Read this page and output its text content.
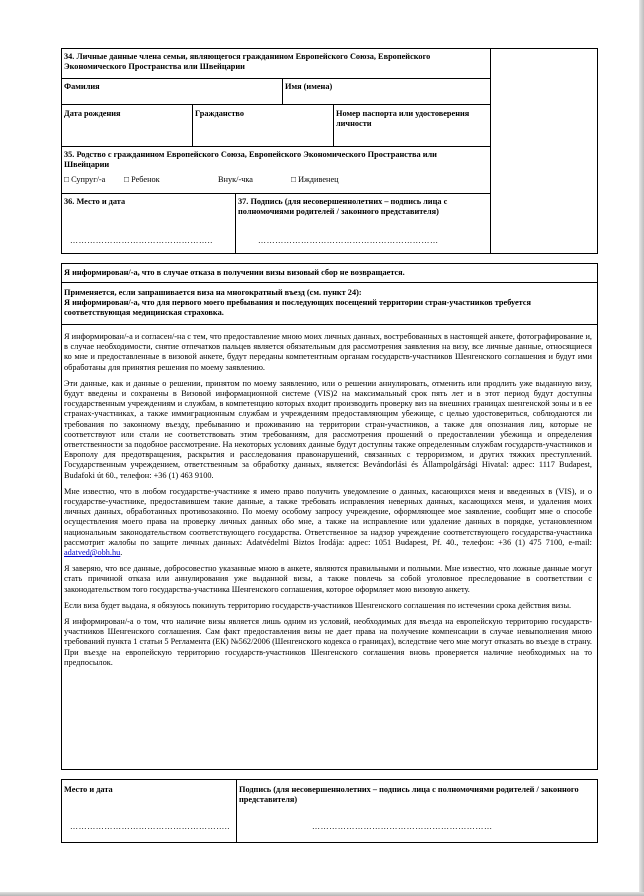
34. Личные данные члена семьи, являющегося гражданином Европейского Союза, Европейского Экономического Пространства или Швейцарии
Фамилия	Имя (имена)
Дата рождения	Гражданство	Номер паспорта или удостоверения личности
35. Родство с гражданином Европейского Союза, Европейского Экономического Пространства или Швейцарии
□ Супруг/-а □ Ребенок	Внук/-чка	□ Иждивенец
36. Место и дата	37. Подпись (для несовершеннолетних – подпись лица с полномочиями родителей / законного представителя)
…………………………………………..	………………………………………………………
Я информирован/-а, что в случае отказа в получении визы визовый сбор не возвращается.
Применяется, если запрашивается виза на многократный въезд (см. пункт 24):
Я информирован/-а, что для первого моего пребывания и последующих посещений территории стран-участников требуется соответствующая медицинская страховка.

Я информирован/-а и согласен/-на с тем, что предоставление мною моих личных данных, востребованных в настоящей анкете, фотографирование и, в случае необходимости, снятие отпечатков пальцев является обязательным для рассмотрения заявления на визу, все личные данные, относящиеся ко мне и предоставленные в визовой анкете, будут переданы компетентным органам государств-участников Шенгенского соглашения и будут ими обработаны для принятия решения по моему заявлению.

Эти данные, как и данные о решении, принятом по моему заявлению, или о решении аннулировать, отменить или продлить уже выданную визу, будут введены и сохранены в Визовой информационной системе (VIS)2 на максимальный срок пять лет и в этот период будут доступны государственным учреждениям и службам, в компетенцию которых входит производить проверку виз на внешних границах шенгенской зоны и в ее странах-участниках, а также иммиграционным службам и учреждениям предоставляющим убежище, с целью удостовериться, соблюдаются ли требования по законному въезду, пребыванию и проживанию на территории стран-участников, а также для опознания лиц, которые не соответствуют или стали не соответствовать этим требованиям, для рассмотрения прошений о предоставлении убежища и определения ответственности за подобное рассмотрение. На некоторых условиях данные будут доступны также определенным службам государств-участников и Европолу для предотвращения, раскрытия и расследования правонарушений, связанных с терроризмом, и других тяжких преступлений. Государственным учреждением, ответственным за обработку данных, является: Bevándorlási és Állampolgársági Hivatal: адрес: 1117 Budapest, Budafoki út 60., телефон: +36 (1) 463 9100.

Мне известно, что в любом государстве-участнике я имею право получить уведомление о данных, касающихся меня и введенных в (VIS), и о государстве-участнике, предоставившем такие данные, а также требовать исправления неверных данных, касающихся меня, и удаления моих личных данных, обработанных противозаконно. По моему особому запросу учреждение, оформляющее мое заявление, сообщит мне о способе осуществления моего права на проверку личных данных обо мне, а также на исправление или удаление данных в порядке, установленном национальным законодательством соответствующего государства. Ответственное за надзор учреждение соответствующего государства-участника рассмотрит жалобы по защите личных данных: Adatvédelmi Biztos Irodája: адрес: 1051 Budapest, Pf. 40., телефон: +36 (1) 475 7100, e-mail: adatved@obh.hu.

Я заверяю, что все данные, добросовестно указанные мною в анкете, являются правильными и полными. Мне известно, что ложные данные могут стать причиной отказа или аннулирования уже выданной визы, а также повлечь за собой уголовное преследование в соответствии с законодательством того государства-участника Шенгенского соглашения, которое оформляет мою визовую анкету.

Если виза будет выдана, я обязуюсь покинуть территорию государств-участников Шенгенского соглашения по истечении срока действия визы.

Я информирован/-а о том, что наличие визы является лишь одним из условий, необходимых для въезда на европейскую территорию государств-участников Шенгенского соглашения. Сам факт предоставления визы не дает права на получение компенсации в случае невыполнения мною требований пункта 1 статьи 5 Регламента (ЕК) №562/2006 (Шенгенского кодекса о границах), вследствие чего мне могут отказать во въезде в страну. При въезде на европейскую территорию государств-участников Шенгенского соглашения вновь проверяется наличие необходимых на то предпосылок.

Место и дата	Подпись (для несовершеннолетних – подпись лица с полномочиями родителей / законного представителя)
………………………………………………..	………………………………………………………
